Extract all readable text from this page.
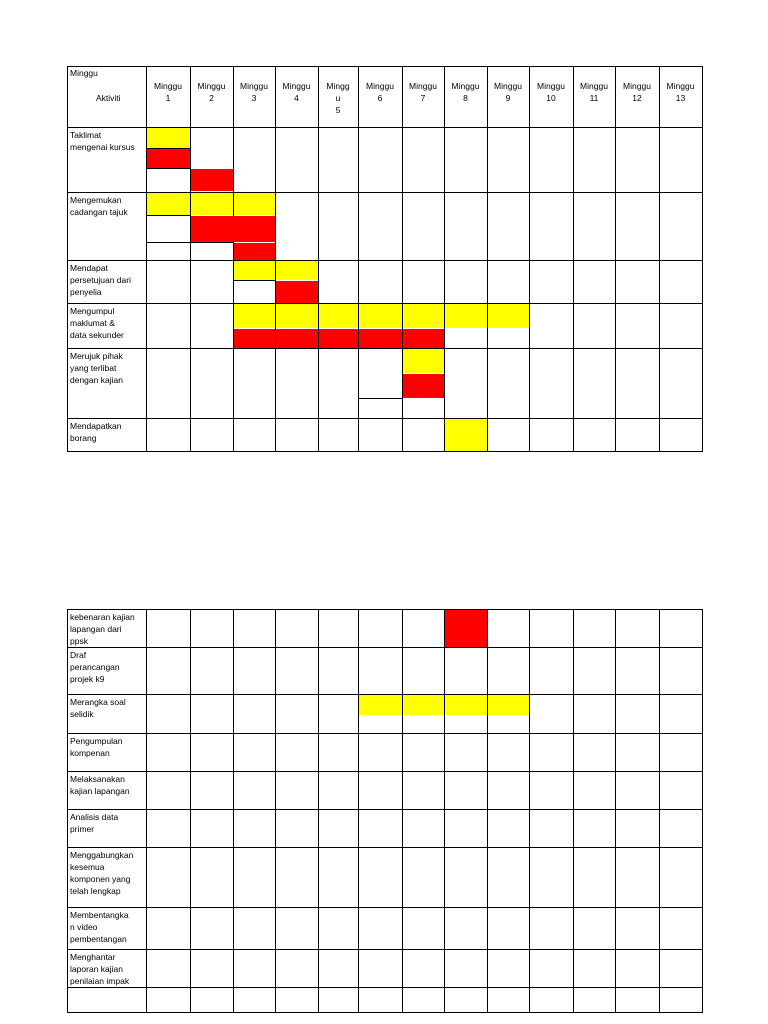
Minggu
Aktiviti
Minggu
1
Minggu
2
Minggu
3
Minggu
4
Mingg
u
5
Minggu
6
Minggu
7
Minggu
8
Minggu
9
Minggu
10
Minggu
11
Minggu
12
Minggu
13
Taklimat
mengenai kursus
Mengemukan
cadangan tajuk
Mendapat
persetujuan dari
penyelia
Mengumpul
maklumat &
data sekunder
Merujuk pihak
yang terlibat
dengan kajian
Mendapatkan
borang
kebenaran kajian
lapangan dari
ppsk
Draf
perancangan
projek k9
Merangka soal
selidik
Pengumpulan
kompenan
Melaksanakan
kajian lapangan
Analisis data
primer
Menggabungkan
kesemua
komponen yang
telah lengkap
Membentangka
n video
pembentangan
Menghantar
laporan kajian
penilaian impak
